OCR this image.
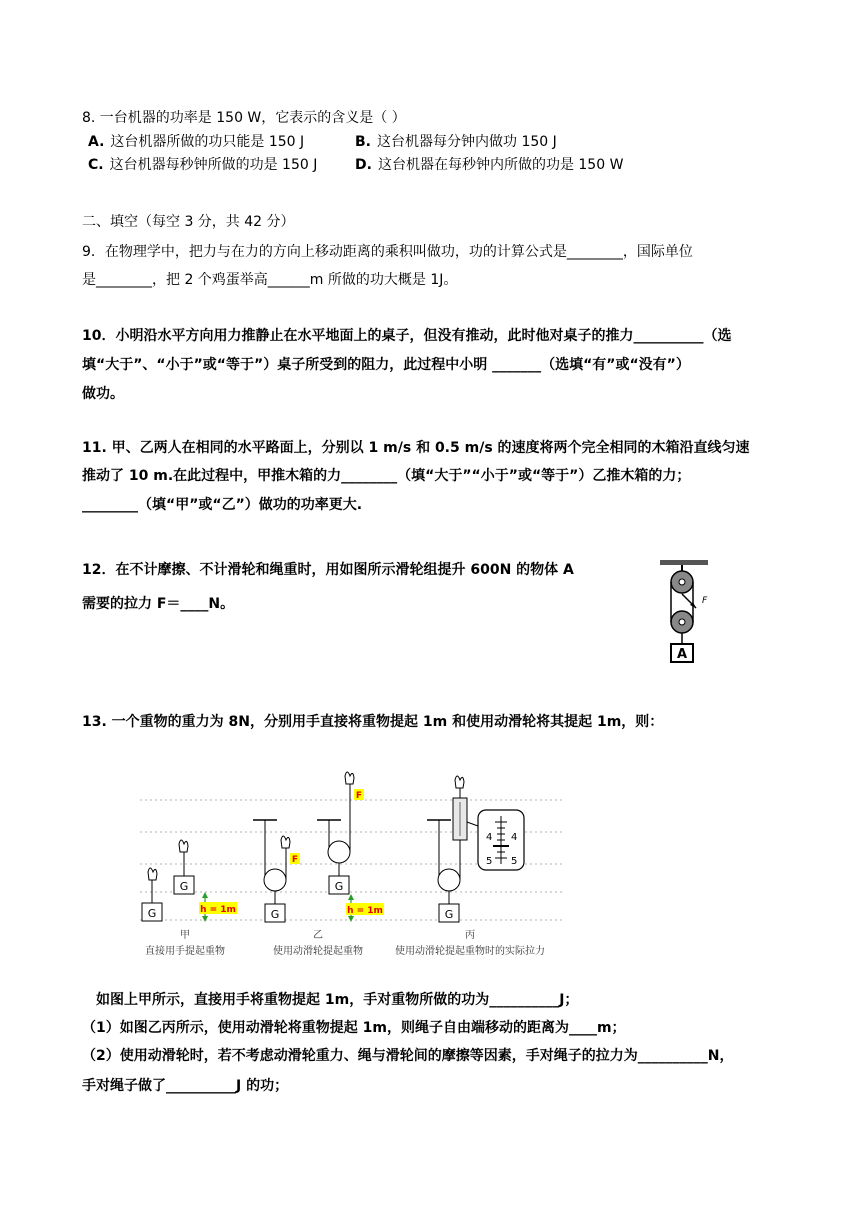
8. 一台机器的功率是 150 W，它表示的含义是（ ）
A. 这台机器所做的功只能是 150 J	B. 这台机器每分钟内做功 150 J
C. 这台机器每秒钟所做的功是 150 J	D. 这台机器在每秒钟内所做的功是 150 W
二、填空（每空 3 分，共 42 分）
9．在物理学中，把力与在力的方向上移动距离的乘积叫做功，功的计算公式是________，国际单位
是________，把 2 个鸡蛋举高______m 所做的功大概是 1J。
10．小明沿水平方向用力推静止在水平地面上的桌子，但没有推动，此时他对桌子的推力__________（选
填“大于”、“小于”或“等于”）桌子所受到的阻力，此过程中小明 _______（选填“有”或“没有”）
做功。
11. 甲、乙两人在相同的水平路面上，分别以 1 m/s 和 0.5 m/s 的速度将两个完全相同的木箱沿直线匀速
推动了 10 m.在此过程中，甲推木箱的力________（填“大于”“小于”或“等于”）乙推木箱的力；
________（填“甲”或“乙”）做功的功率更大.
12．在不计摩擦、不计滑轮和绳重时，用如图所示滑轮组提升 600N 的物体 A
需要的拉力 F＝____N。	F
A
13. 一个重物的重力为 8N，分别用手直接将重物提起 1m 和使用动滑轮将其提起 1m，则：
G
G
h = 1m
F
G
F
G
h = 1m	G
4 4
5 5
甲
直接用手提起重物
乙
使用动滑轮提起重物
丙
使用动滑轮提起重物时的实际拉力
如图上甲所示，直接用手将重物提起 1m，手对重物所做的功为__________J；
（1）如图乙丙所示，使用动滑轮将重物提起 1m，则绳子自由端移动的距离为____m；
（2）使用动滑轮时，若不考虑动滑轮重力、绳与滑轮间的摩擦等因素，手对绳子的拉力为__________N，
手对绳子做了__________J 的功；
